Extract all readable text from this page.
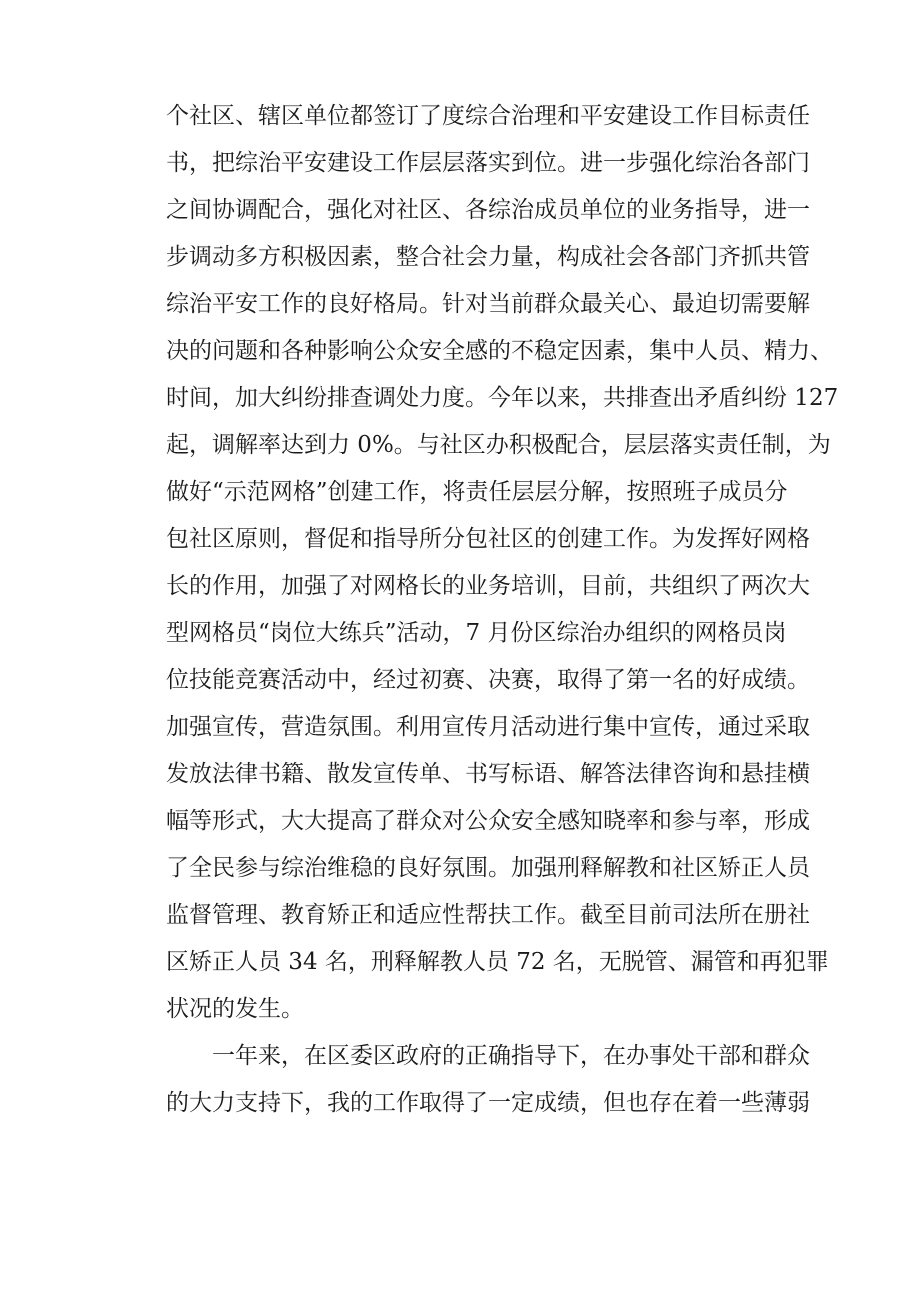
个社区、辖区单位都签订了度综合治理和平安建设工作目标责任
书，把综治平安建设工作层层落实到位。进一步强化综治各部门
之间协调配合，强化对社区、各综治成员单位的业务指导，进一
步调动多方积极因素，整合社会力量，构成社会各部门齐抓共管
综治平安工作的良好格局。针对当前群众最关心、最迫切需要解
决的问题和各种影响公众安全感的不稳定因素，集中人员、精力、
时间，加大纠纷排查调处力度。今年以来，共排查出矛盾纠纷 127
起，调解率达到力 0%。与社区办积极配合，层层落实责任制，为
做好“示范网格”创建工作，将责任层层分解，按照班子成员分
包社区原则，督促和指导所分包社区的创建工作。为发挥好网格
长的作用，加强了对网格长的业务培训，目前，共组织了两次大
型网格员“岗位大练兵”活动，7 月份区综治办组织的网格员岗
位技能竞赛活动中，经过初赛、决赛，取得了第一名的好成绩。
加强宣传，营造氛围。利用宣传月活动进行集中宣传，通过采取
发放法律书籍、散发宣传单、书写标语、解答法律咨询和悬挂横
幅等形式，大大提高了群众对公众安全感知晓率和参与率，形成
了全民参与综治维稳的良好氛围。加强刑释解教和社区矫正人员
监督管理、教育矫正和适应性帮扶工作。截至目前司法所在册社
区矫正人员 34 名，刑释解教人员 72 名，无脱管、漏管和再犯罪
状况的发生。
一年来，在区委区政府的正确指导下，在办事处干部和群众
的大力支持下，我的工作取得了一定成绩，但也存在着一些薄弱
